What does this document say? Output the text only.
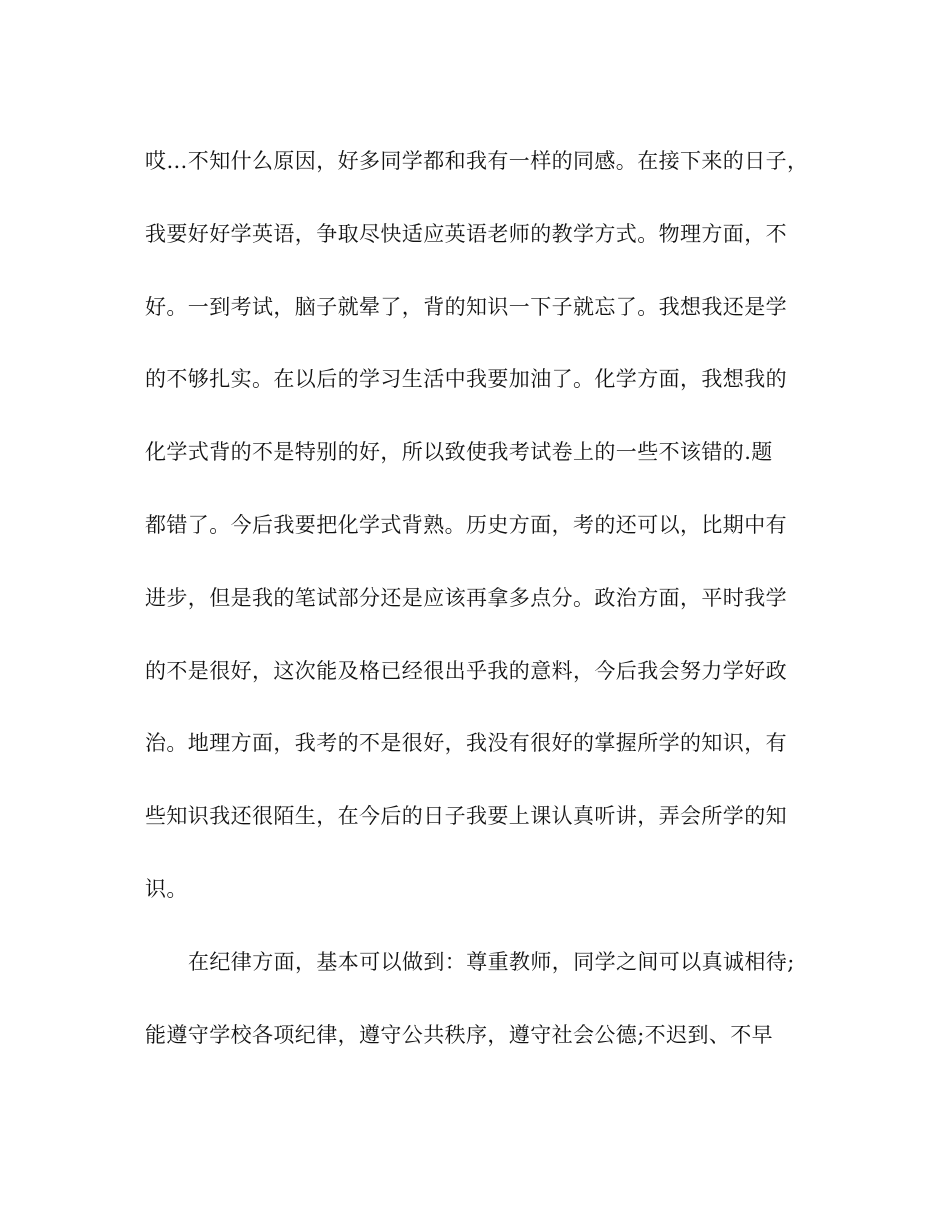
哎…不知什么原因，好多同学都和我有一样的同感。在接下来的日子，
我要好好学英语，争取尽快适应英语老师的教学方式。物理方面，不
好。一到考试，脑子就晕了，背的知识一下子就忘了。我想我还是学
的不够扎实。在以后的学习生活中我要加油了。化学方面，我想我的
化学式背的不是特别的好，所以致使我考试卷上的一些不该错的.题
都错了。今后我要把化学式背熟。历史方面，考的还可以，比期中有
进步，但是我的笔试部分还是应该再拿多点分。政治方面，平时我学
的不是很好，这次能及格已经很出乎我的意料，今后我会努力学好政
治。地理方面，我考的不是很好，我没有很好的掌握所学的知识，有
些知识我还很陌生，在今后的日子我要上课认真听讲，弄会所学的知
识。
在纪律方面，基本可以做到：尊重教师，同学之间可以真诚相待;
能遵守学校各项纪律，遵守公共秩序，遵守社会公德;不迟到、不早
